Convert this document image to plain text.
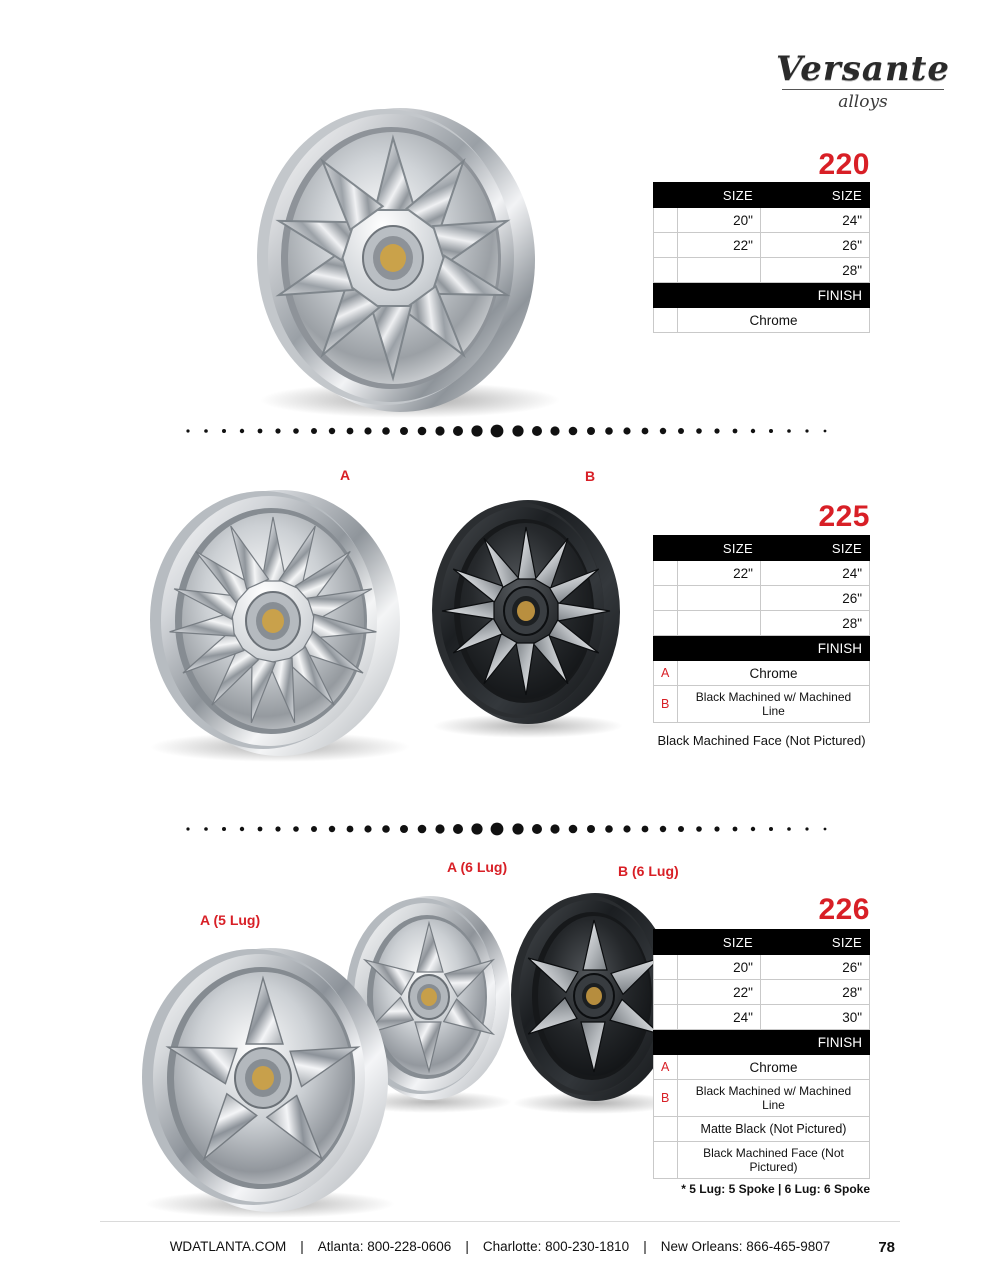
Versante
alloys
220
	SIZE	SIZE
	20"	24"
	22"	26"
		28"
		FINISH
	Chrome	
A	B
225
	SIZE	SIZE
	22"	24"
		26"
		28"
		FINISH
A	Chrome	
B	Black Machined w/ Machined Line	
Black Machined Face (Not Pictured)
A (5 Lug)
A (6 Lug)	B (6 Lug)
226
	SIZE	SIZE
	20"	26"
	22"	28"
	24"	30"
		FINISH
A	Chrome	
B	Black Machined w/ Machined Line	
	Matte Black (Not Pictured)	
	Black Machined Face (Not Pictured)	
* 5 Lug: 5 Spoke | 6 Lug: 6 Spoke
WDATLANTA.COM | Atlanta: 800-228-0606 | Charlotte: 800-230-1810 | New Orleans: 866-465-9807	78
